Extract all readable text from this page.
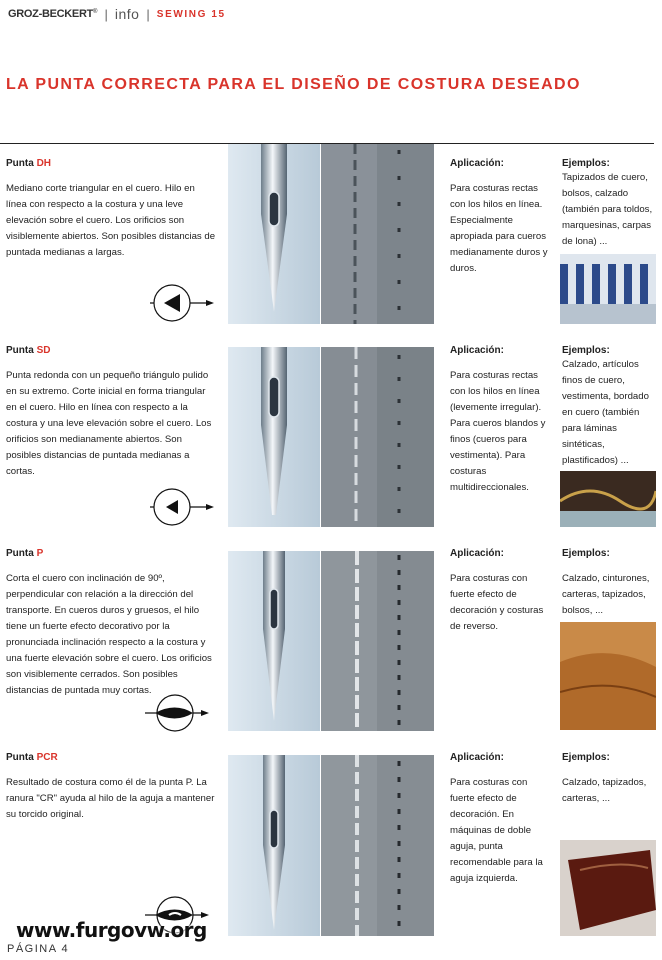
GROZ-BECKERT ® | info | SEWING 15
LA PUNTA CORRECTA PARA EL DISEÑO DE COSTURA DESEADO
Punta DH

Mediano corte triangular en el cuero. Hilo en línea con respecto a la costura y una leve elevación sobre el cuero. Los orificios son visiblemente abiertos. Son posibles distancias de puntada medianas a largas.

Aplicación:

Para costuras rectas con los hilos en línea. Especialmente apropiada para cueros medianamente duros y duros.

Ejemplos:

Tapizados de cuero, bolsos, calzado (también para toldos, marquesinas, carpas de lona) ...

Punta SD

Punta redonda con un pequeño triángulo pulido en su extremo. Corte inicial en forma triangular en el cuero. Hilo en línea con respecto a la costura y una leve elevación sobre el cuero. Los orificios son medianamente abiertos. Son posibles distancias de puntada medianas a cortas.

Aplicación:

Para costuras rectas con los hilos en línea (levemente irregular). Para cueros blandos y finos (cueros para vestimenta). Para costuras multidireccionales.

Ejemplos:

Calzado, artículos finos de cuero, vestimenta, bordado en cuero (también para láminas sintéticas, plastificados) ...

Punta P

Corta el cuero con inclinación de 90º, perpendicular con relación a la dirección del transporte. En cueros duros y gruesos, el hilo tiene un fuerte efecto decorativo por la pronunciada inclinación respecto a la costura y una fuerte elevación sobre el cuero. Los orificios son visiblemente cerrados. Son posibles distancias de puntada muy cortas.

Aplicación:

Para costuras con fuerte efecto de decoración y costuras de reverso.

Ejemplos:

Calzado, cinturones, carteras, tapizados, bolsos, ...

Punta PCR

Resultado de costura como él de la punta P. La ranura "CR" ayuda al hilo de la aguja a mantener su torcido original.

Aplicación:

Para costuras con fuerte efecto de decoración. En máquinas de doble aguja, punta recomendable para la aguja izquierda.

Ejemplos:

Calzado, tapizados, carteras, ...

www.furgovw.org
PÁGINA 4
